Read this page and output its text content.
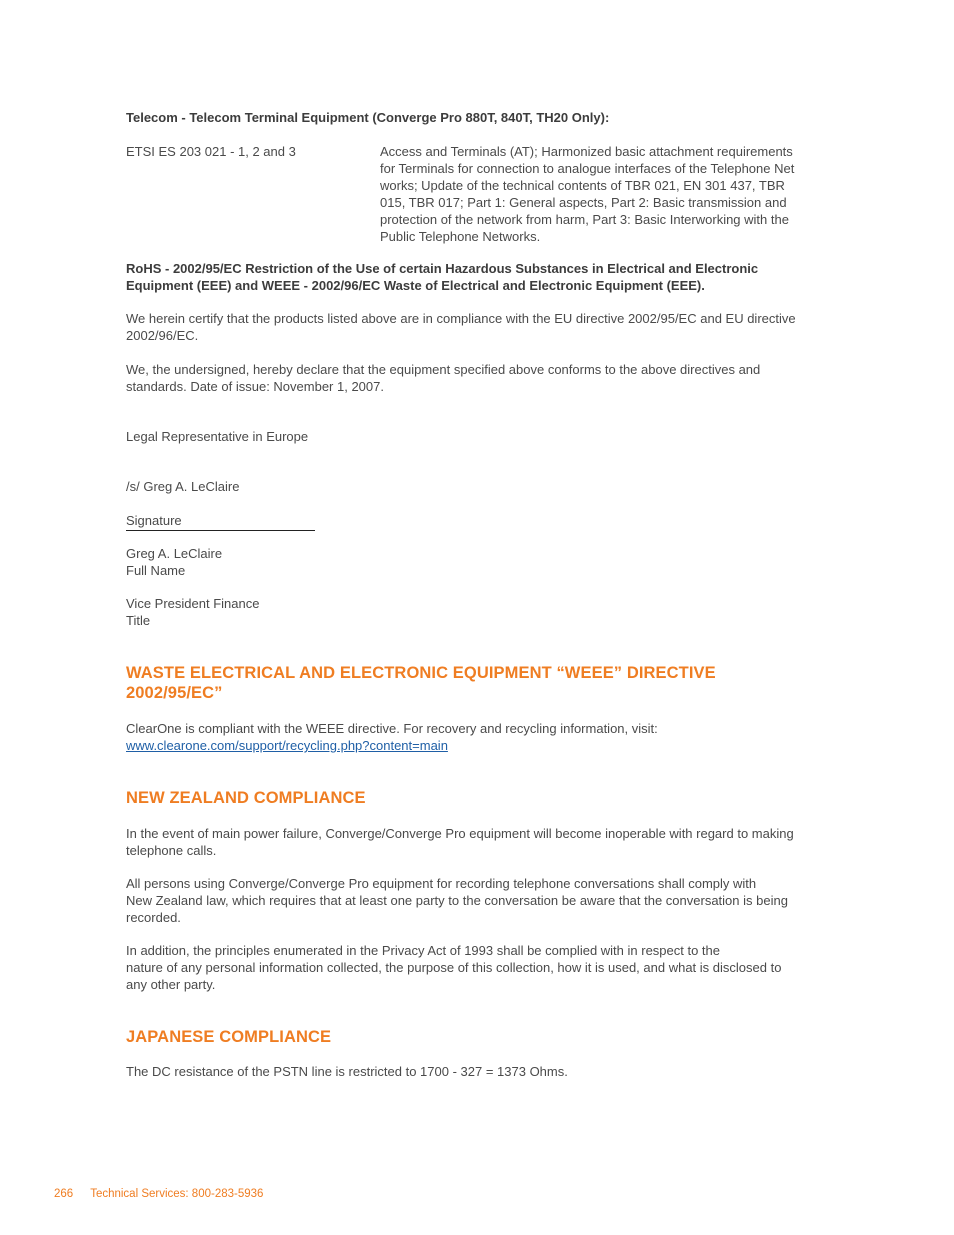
Telecom - Telecom Terminal Equipment (Converge Pro 880T, 840T, TH20 Only):
ETSI ES 203 021 - 1, 2 and 3	Access and Terminals (AT); Harmonized basic attachment requirements
for Terminals for connection to analogue interfaces of the Telephone Net
works; Update of the technical contents of TBR 021, EN 301 437, TBR
015, TBR 017; Part 1: General aspects, Part 2: Basic transmission and
protection of the network from harm, Part 3: Basic Interworking with the
Public Telephone Networks.
RoHS - 2002/95/EC Restriction of the Use of certain Hazardous Substances in Electrical and Electronic
Equipment (EEE) and WEEE - 2002/96/EC Waste of Electrical and Electronic Equipment (EEE).
We herein certify that the products listed above are in compliance with the EU directive 2002/95/EC and EU directive
2002/96/EC.
We, the undersigned, hereby declare that the equipment specified above conforms to the above directives and
standards. Date of issue: November 1, 2007.
Legal Representative in Europe
/s/ Greg A. LeClaire
Signature
Greg A. LeClaire
Full Name
Vice President Finance
Title
WASTE ELECTRICAL AND ELECTRONIC EQUIPMENT “WEEE” DIRECTIVE
2002/95/EC”
ClearOne is compliant with the WEEE directive. For recovery and recycling information, visit:
www.clearone.com/support/recycling.php?content=main
NEW ZEALAND COMPLIANCE
In the event of main power failure, Converge/Converge Pro equipment will become inoperable with regard to making
telephone calls.
All persons using Converge/Converge Pro equipment for recording telephone conversations shall comply with
New Zealand law, which requires that at least one party to the conversation be aware that the conversation is being
recorded.
In addition, the principles enumerated in the Privacy Act of 1993 shall be complied with in respect to the
nature of any personal information collected, the purpose of this collection, how it is used, and what is disclosed to
any other party.
JAPANESE COMPLIANCE
The DC resistance of the PSTN line is restricted to 1700 - 327 = 1373 Ohms.
266 Technical Services: 800-283-5936
